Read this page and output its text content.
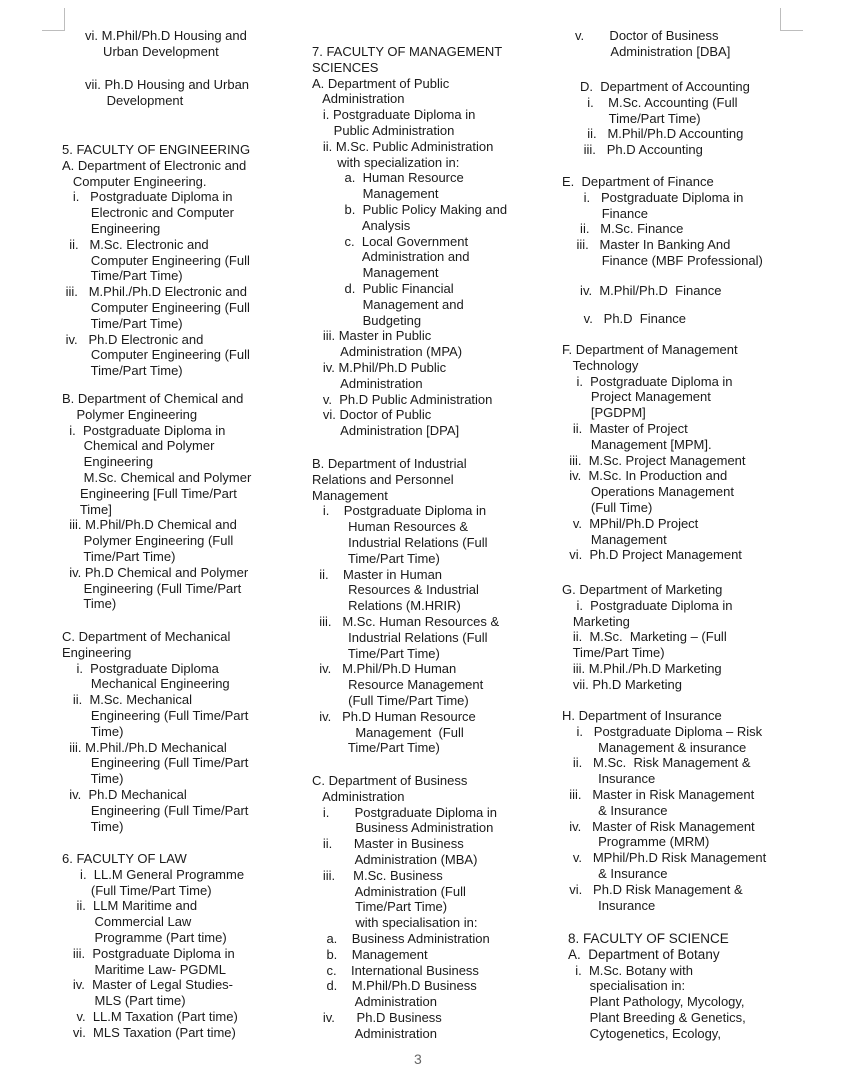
vi. M.Phil/Ph.D Housing and
Urban Development
vii. Ph.D Housing and Urban
Development
5. FACULTY OF ENGINEERING
A. Department of Electronic and
Computer Engineering.
i.   Postgraduate Diploma in
Electronic and Computer
Engineering
ii.   M.Sc. Electronic and
Computer Engineering (Full
Time/Part Time)
iii.   M.Phil./Ph.D Electronic and
Computer Engineering (Full
Time/Part Time)
iv.   Ph.D Electronic and
Computer Engineering (Full
Time/Part Time)
B. Department of Chemical and
Polymer Engineering
i.  Postgraduate Diploma in
Chemical and Polymer
Engineering
M.Sc. Chemical and Polymer
Engineering [Full Time/Part
Time]
iii. M.Phil/Ph.D Chemical and
Polymer Engineering (Full
Time/Part Time)
iv. Ph.D Chemical and Polymer
Engineering (Full Time/Part
Time)
C. Department of Mechanical
Engineering
i.  Postgraduate Diploma
Mechanical Engineering
ii.  M.Sc. Mechanical
Engineering (Full Time/Part
Time)
iii. M.Phil./Ph.D Mechanical
Engineering (Full Time/Part
Time)
iv.  Ph.D Mechanical
Engineering (Full Time/Part
Time)
6. FACULTY OF LAW
i.  LL.M General Programme
(Full Time/Part Time)
ii.  LLM Maritime and
Commercial Law
Programme (Part time)
iii.  Postgraduate Diploma in
Maritime Law- PGDML
iv.  Master of Legal Studies-
MLS (Part time)
v.  LL.M Taxation (Part time)
vi.  MLS Taxation (Part time)
7. FACULTY OF MANAGEMENT
SCIENCES
A. Department of Public
Administration
i. Postgraduate Diploma in
Public Administration
ii. M.Sc. Public Administration
with specialization in:
a.  Human Resource
Management
b.  Public Policy Making and
Analysis
c.  Local Government
Administration and
Management
d.  Public Financial
Management and
Budgeting
iii. Master in Public
Administration (MPA)
iv. M.Phil/Ph.D Public
Administration
v.  Ph.D Public Administration
vi. Doctor of Public
Administration [DPA]
B. Department of Industrial
Relations and Personnel
Management
i.    Postgraduate Diploma in
Human Resources &
Industrial Relations (Full
Time/Part Time)
ii.    Master in Human
Resources & Industrial
Relations (M.HRIR)
iii.   M.Sc. Human Resources &
Industrial Relations (Full
Time/Part Time)
iv.   M.Phil/Ph.D Human
Resource Management
(Full Time/Part Time)
iv.   Ph.D Human Resource
Management  (Full
Time/Part Time)
C. Department of Business
Administration
i.       Postgraduate Diploma in
Business Administration
ii.      Master in Business
Administration (MBA)
iii.     M.Sc. Business
Administration (Full
Time/Part Time)
with specialisation in:
a.    Business Administration
b.    Management
c.    International Business
d.    M.Phil/Ph.D Business
Administration
iv.      Ph.D Business
Administration
v.       Doctor of Business
Administration [DBA]
D.  Department of Accounting
i.    M.Sc. Accounting (Full
Time/Part Time)
ii.   M.Phil/Ph.D Accounting
iii.   Ph.D Accounting
E.  Department of Finance
i.   Postgraduate Diploma in
Finance
ii.   M.Sc. Finance
iii.   Master In Banking And
Finance (MBF Professional)
iv.  M.Phil/Ph.D  Finance
v.   Ph.D  Finance
F. Department of Management
Technology
i.  Postgraduate Diploma in
Project Management
[PGDPM]
ii.  Master of Project
Management [MPM].
iii.  M.Sc. Project Management
iv.  M.Sc. In Production and
Operations Management
(Full Time)
v.  MPhil/Ph.D Project
Management
vi.  Ph.D Project Management
G. Department of Marketing
i.  Postgraduate Diploma in
Marketing
ii.  M.Sc.  Marketing – (Full
Time/Part Time)
iii. M.Phil./Ph.D Marketing
vii. Ph.D Marketing
H. Department of Insurance
i.   Postgraduate Diploma – Risk
Management & insurance
ii.   M.Sc.  Risk Management &
Insurance
iii.   Master in Risk Management
& Insurance
iv.   Master of Risk Management
Programme (MRM)
v.   MPhil/Ph.D Risk Management
& Insurance
vi.   Ph.D Risk Management &
Insurance
8. FACULTY OF SCIENCE
A.  Department of Botany
i.  M.Sc. Botany with
specialisation in:
Plant Pathology, Mycology,
Plant Breeding & Genetics,
Cytogenetics, Ecology,
3
